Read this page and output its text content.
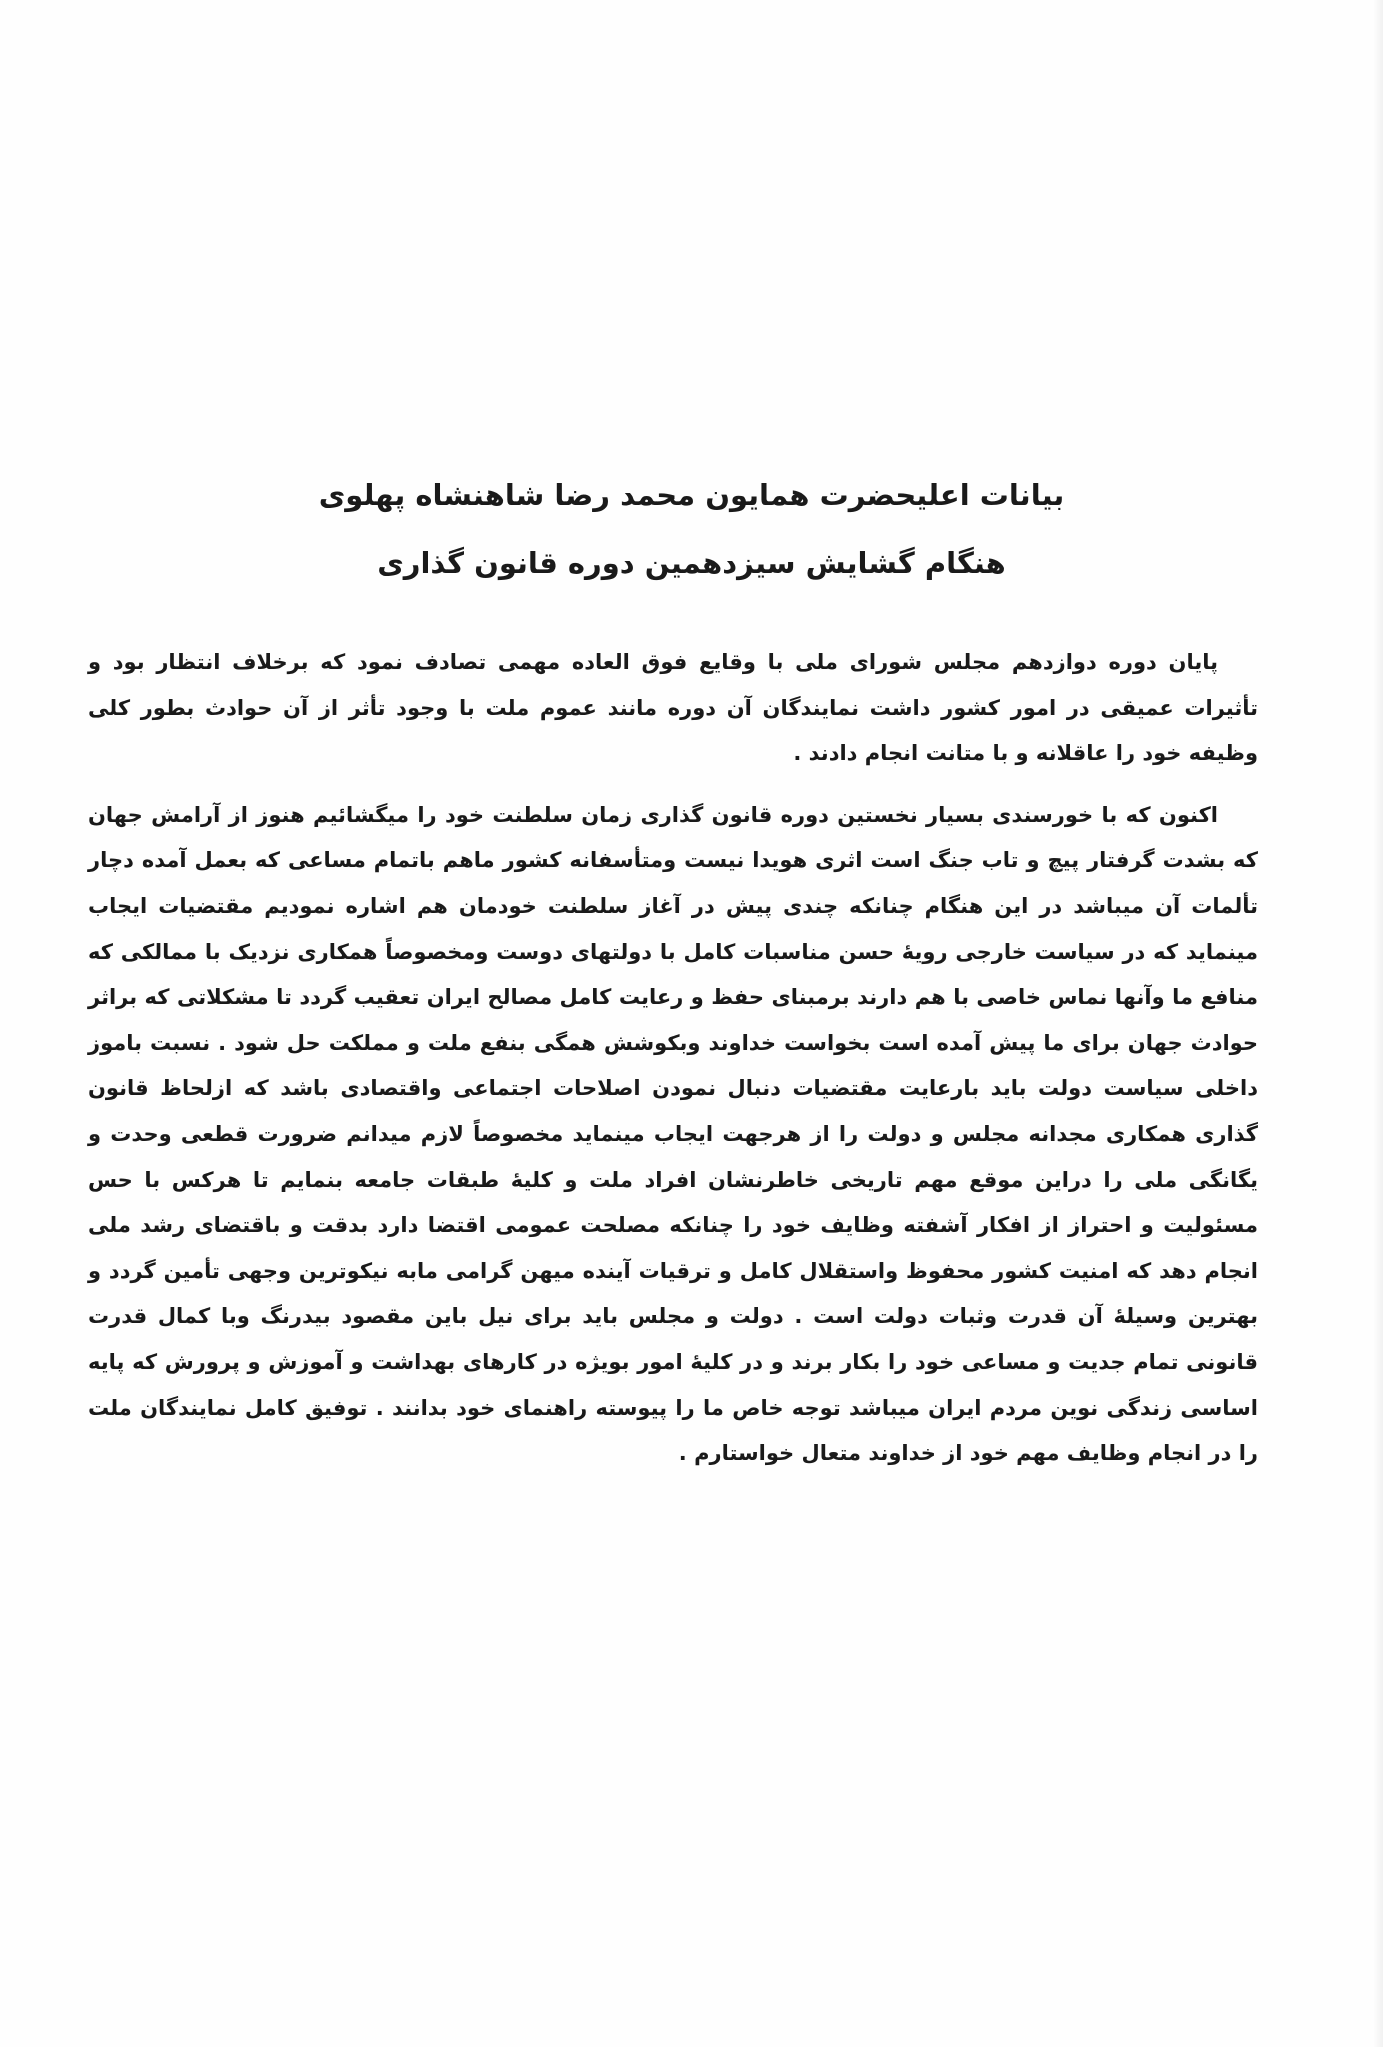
بیانات اعلیحضرت همایون محمد رضا شاهنشاه پهلوی
هنگام گشایش سیزدهمین دوره قانون گذاری

پایان دوره دوازدهم مجلس شورای ملی با وقایع فوق العاده مهمی تصادف نمود که برخلاف انتظار بود و تأثیرات عمیقی در امور کشور داشت نمایندگان آن دوره مانند عموم ملت با وجود تأثر از آن حوادث بطور کلی وظیفه خود را عاقلانه و با متانت انجام دادند .

اکنون که با خورسندی بسیار نخستین دوره قانون گذاری زمان سلطنت خود را میگشائیم هنوز از آرامش جهان که بشدت گرفتار پیچ و تاب جنگ است اثری هویدا نیست ومتأسفانه کشور ماهم باتمام مساعی که بعمل آمده دچار تألمات آن میباشد در این هنگام چنانکه چندی پیش در آغاز سلطنت خودمان هم اشاره نمودیم مقتضیات ایجاب مینماید که در سیاست خارجی رویهٔ حسن مناسبات کامل با دولتهای دوست ومخصوصاً همکاری نزدیک با ممالکی که منافع ما وآنها نماس خاصی با هم دارند برمبنای حفظ و رعایت کامل مصالح ایران تعقیب گردد تا مشکلاتی که براثر حوادث جهان برای ما پیش آمده است بخواست خداوند وبکوشش همگی بنفع ملت و مملکت حل شود . نسبت باموز داخلی سیاست دولت باید بارعایت مقتضیات دنبال نمودن اصلاحات اجتماعی واقتصادی باشد که ازلحاظ قانون گذاری همکاری مجدانه مجلس و دولت را از هرجهت ایجاب مینماید مخصوصاً لازم میدانم ضرورت قطعی وحدت و یگانگی ملی را دراین موقع مهم تاریخی خاطرنشان افراد ملت و کلیهٔ طبقات جامعه بنمایم تا هرکس با حس مسئولیت و احتراز از افکار آشفته وظایف خود را چنانکه مصلحت عمومی اقتضا دارد بدقت و باقتضای رشد ملی انجام دهد که امنیت کشور محفوظ واستقلال کامل و ترقیات آینده میهن گرامی مابه نیکوترین وجهی تأمین گردد و بهترین وسیلهٔ آن قدرت وثبات دولت است . دولت و مجلس باید برای نیل باین مقصود بیدرنگ وبا کمال قدرت قانونی تمام جدیت و مساعی خود را بکار برند و در کلیهٔ امور بویژه در کارهای بهداشت و آموزش و پرورش که پایه اساسی زندگی نوین مردم ایران میباشد توجه خاص ما را پیوسته راهنمای خود بدانند . توفیق کامل نمایندگان ملت را در انجام وظایف مهم خود از خداوند متعال خواستارم .
